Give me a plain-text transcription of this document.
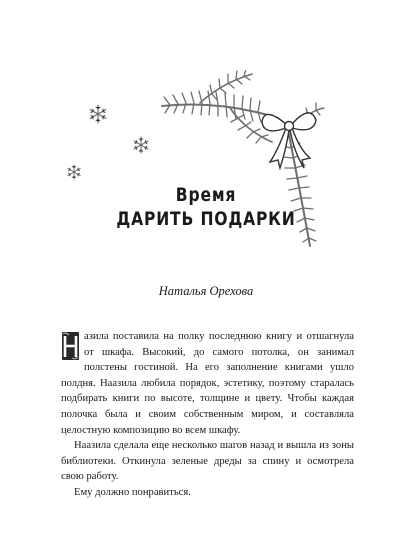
Время
ДАРИТЬ ПОДАРКИ
Наталья Орехова

азила поставила на полку последнюю книгу и отшагнула от шкафа. Высокий, до самого потолка, он занимал полстены гостиной. На его заполнение книгами ушло полдня. Наазила любила порядок, эстетику, поэтому старалась подбирать книги по высоте, толщине и цвету. Чтобы каждая полочка была и своим собственным миром, и составляла целостную композицию во всем шкафу.

Наазила сделала еще несколько шагов назад и вышла из зоны библиотеки. Откинула зеленые дреды за спину и осмотрела свою работу.

Ему должно понравиться.
